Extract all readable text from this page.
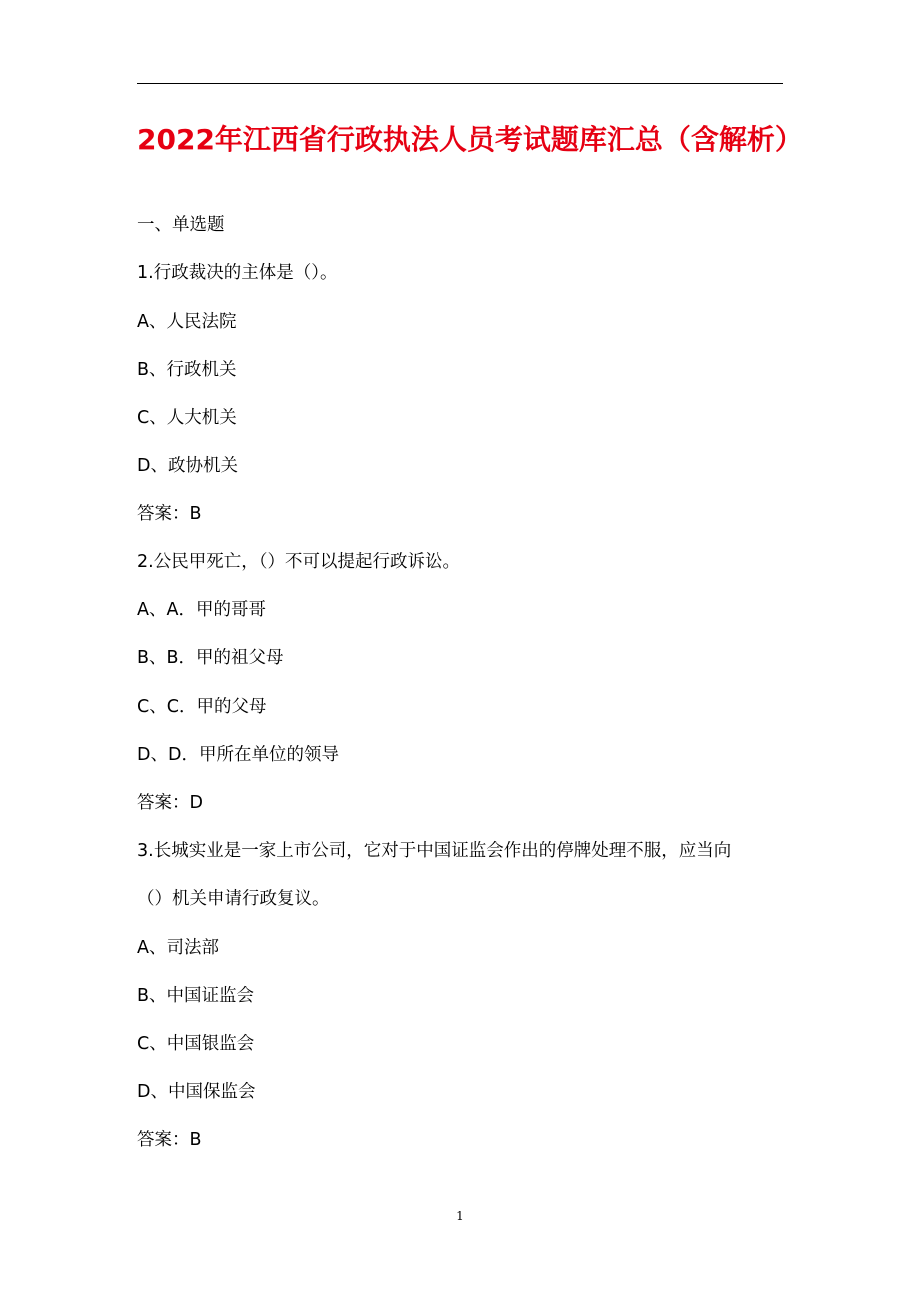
2022年江西省行政执法人员考试题库汇总（含解析）
一、单选题
1.行政裁决的主体是（）。
A、人民法院
B、行政机关
C、人大机关
D、政协机关
答案：B
2.公民甲死亡，（）不可以提起行政诉讼。
A、A．甲的哥哥
B、B．甲的祖父母
C、C．甲的父母
D、D．甲所在单位的领导
答案：D
3.长城实业是一家上市公司，它对于中国证监会作出的停牌处理不服，应当向
（）机关申请行政复议。
A、司法部
B、中国证监会
C、中国银监会
D、中国保监会
答案：B
1
